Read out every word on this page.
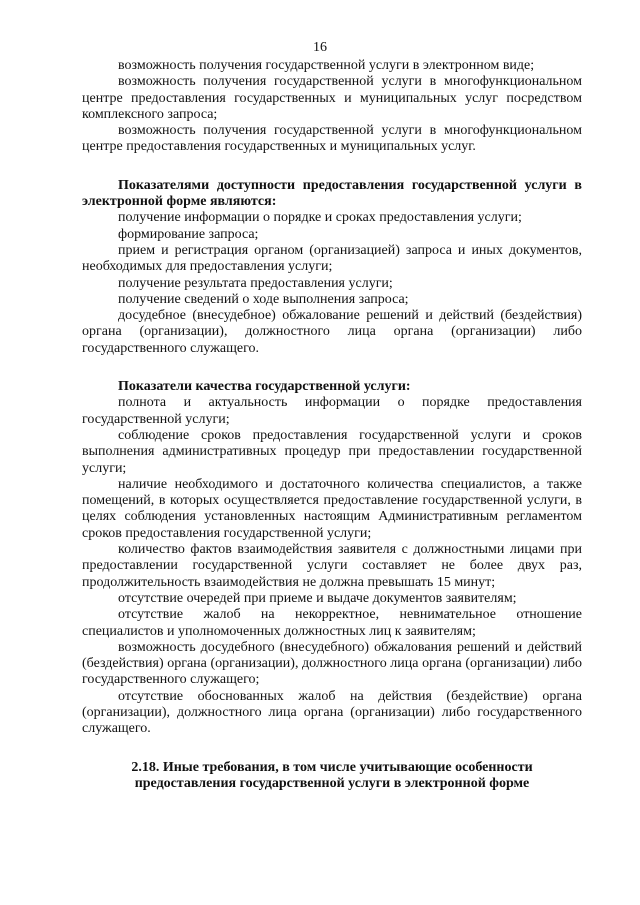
16

возможность получения государственной услуги в электронном виде;

возможность получения государственной услуги в многофункциональном центре предоставления государственных и муниципальных услуг посредством комплексного запроса;

возможность получения государственной услуги в многофункциональном центре предоставления государственных и муниципальных услуг.

Показателями доступности предоставления государственной услуги в электронной форме являются:

получение информации о порядке и сроках предоставления услуги;

формирование запроса;

прием и регистрация органом (организацией) запроса и иных документов, необходимых для предоставления услуги;

получение результата предоставления услуги;

получение сведений о ходе выполнения запроса;

досудебное (внесудебное) обжалование решений и действий (бездействия) органа (организации), должностного лица органа (организации) либо государственного служащего.

Показатели качества государственной услуги:

полнота и актуальность информации о порядке предоставления государственной услуги;

соблюдение сроков предоставления государственной услуги и сроков выполнения административных процедур при предоставлении государственной услуги;

наличие необходимого и достаточного количества специалистов, а также помещений, в которых осуществляется предоставление государственной услуги, в целях соблюдения установленных настоящим Административным регламентом сроков предоставления государственной услуги;

количество фактов взаимодействия заявителя с должностными лицами при предоставлении государственной услуги составляет не более двух раз, продолжительность взаимодействия не должна превышать 15 минут;

отсутствие очередей при приеме и выдаче документов заявителям;

отсутствие жалоб на некорректное, невнимательное отношение специалистов и уполномоченных должностных лиц к заявителям;

возможность досудебного (внесудебного) обжалования решений и действий (бездействия) органа (организации), должностного лица органа (организации) либо государственного служащего;

отсутствие обоснованных жалоб на действия (бездействие) органа (организации), должностного лица органа (организации) либо государственного служащего.

2.18. Иные требования, в том числе учитывающие особенности предоставления государственной услуги в электронной форме
